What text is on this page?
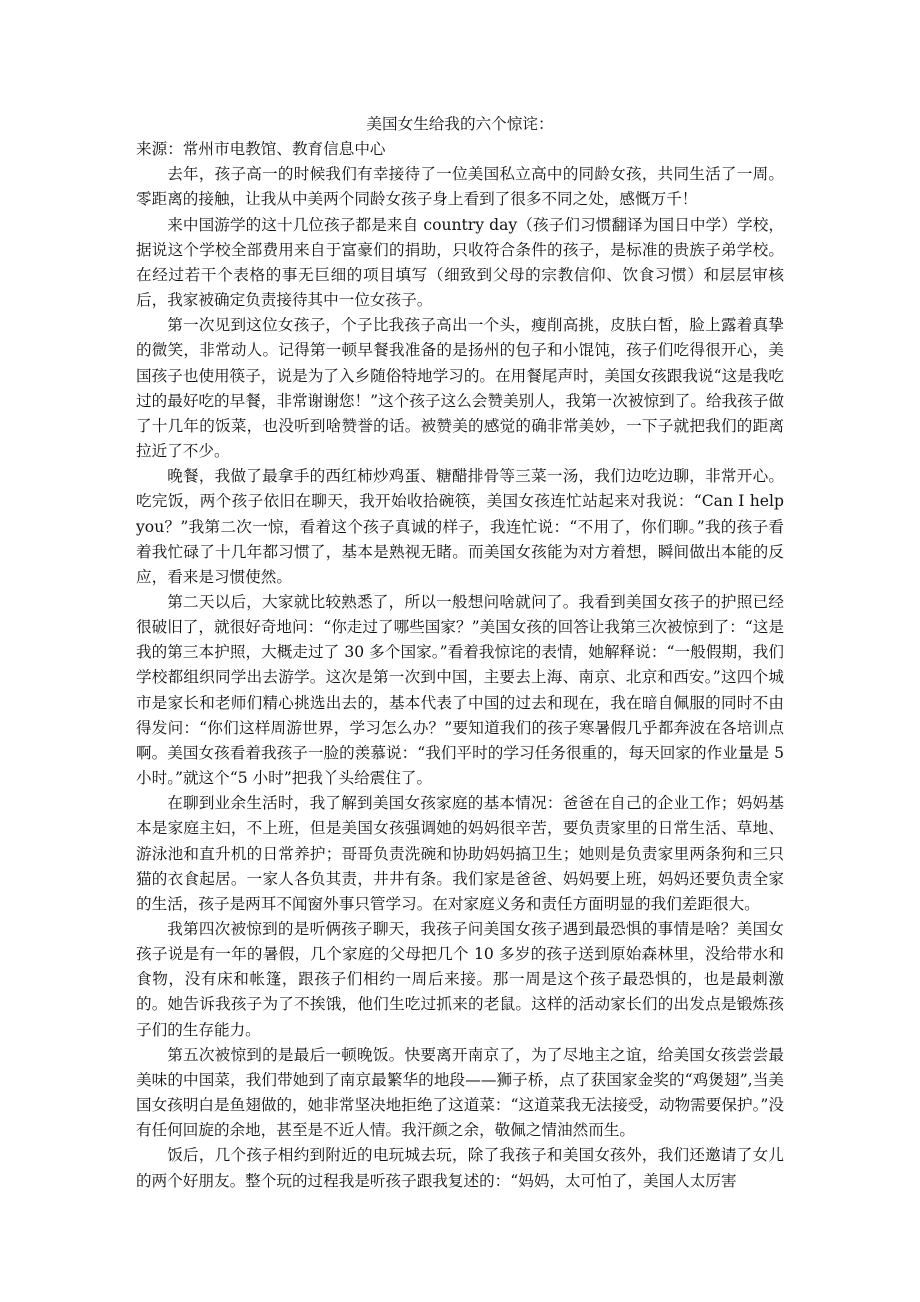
美国女生给我的六个惊诧：

来源：常州市电教馆、教育信息中心

去年，孩子高一的时候我们有幸接待了一位美国私立高中的同龄女孩，共同生活了一周。零距离的接触，让我从中美两个同龄女孩子身上看到了很多不同之处，感慨万千！

来中国游学的这十几位孩子都是来自 country day（孩子们习惯翻译为国日中学）学校，据说这个学校全部费用来自于富豪们的捐助，只收符合条件的孩子，是标准的贵族子弟学校。在经过若干个表格的事无巨细的项目填写（细致到父母的宗教信仰、饮食习惯）和层层审核后，我家被确定负责接待其中一位女孩子。

第一次见到这位女孩子，个子比我孩子高出一个头，瘦削高挑，皮肤白皙，脸上露着真挚的微笑，非常动人。记得第一顿早餐我准备的是扬州的包子和小馄饨，孩子们吃得很开心，美国孩子也使用筷子，说是为了入乡随俗特地学习的。在用餐尾声时，美国女孩跟我说“这是我吃过的最好吃的早餐，非常谢谢您！”这个孩子这么会赞美别人，我第一次被惊到了。给我孩子做了十几年的饭菜，也没听到啥赞誉的话。被赞美的感觉的确非常美妙，一下子就把我们的距离拉近了不少。

晚餐，我做了最拿手的西红柿炒鸡蛋、糖醋排骨等三菜一汤，我们边吃边聊，非常开心。吃完饭，两个孩子依旧在聊天，我开始收拾碗筷，美国女孩连忙站起来对我说：“Can I help you？”我第二次一惊，看着这个孩子真诚的样子，我连忙说：“不用了，你们聊。”我的孩子看着我忙碌了十几年都习惯了，基本是熟视无睹。而美国女孩能为对方着想，瞬间做出本能的反应，看来是习惯使然。

第二天以后，大家就比较熟悉了，所以一般想问啥就问了。我看到美国女孩子的护照已经很破旧了，就很好奇地问：“你走过了哪些国家？”美国女孩的回答让我第三次被惊到了：“这是我的第三本护照，大概走过了 30 多个国家。”看着我惊诧的表情，她解释说：“一般假期，我们学校都组织同学出去游学。这次是第一次到中国，主要去上海、南京、北京和西安。”这四个城市是家长和老师们精心挑选出去的，基本代表了中国的过去和现在，我在暗自佩服的同时不由得发问：“你们这样周游世界，学习怎么办？”要知道我们的孩子寒暑假几乎都奔波在各培训点啊。美国女孩看着我孩子一脸的羡慕说：“我们平时的学习任务很重的，每天回家的作业量是 5 小时。”就这个“5 小时”把我丫头给震住了。

在聊到业余生活时，我了解到美国女孩家庭的基本情况：爸爸在自己的企业工作；妈妈基本是家庭主妇，不上班，但是美国女孩强调她的妈妈很辛苦，要负责家里的日常生活、草地、游泳池和直升机的日常养护；哥哥负责洗碗和协助妈妈搞卫生；她则是负责家里两条狗和三只猫的衣食起居。一家人各负其责，井井有条。我们家是爸爸、妈妈要上班，妈妈还要负责全家的生活，孩子是两耳不闻窗外事只管学习。在对家庭义务和责任方面明显的我们差距很大。

我第四次被惊到的是听俩孩子聊天，我孩子问美国女孩子遇到最恐惧的事情是啥？美国女孩子说是有一年的暑假，几个家庭的父母把几个 10 多岁的孩子送到原始森林里，没给带水和食物，没有床和帐篷，跟孩子们相约一周后来接。那一周是这个孩子最恐惧的，也是最刺激的。她告诉我孩子为了不挨饿，他们生吃过抓来的老鼠。这样的活动家长们的出发点是锻炼孩子们的生存能力。

第五次被惊到的是最后一顿晚饭。快要离开南京了，为了尽地主之谊，给美国女孩尝尝最美味的中国菜，我们带她到了南京最繁华的地段——狮子桥，点了获国家金奖的“鸡煲翅”,当美国女孩明白是鱼翅做的，她非常坚决地拒绝了这道菜：“这道菜我无法接受，动物需要保护。”没有任何回旋的余地，甚至是不近人情。我汗颜之余，敬佩之情油然而生。

饭后，几个孩子相约到附近的电玩城去玩，除了我孩子和美国女孩外，我们还邀请了女儿的两个好朋友。整个玩的过程我是听孩子跟我复述的：“妈妈，太可怕了，美国人太厉害
